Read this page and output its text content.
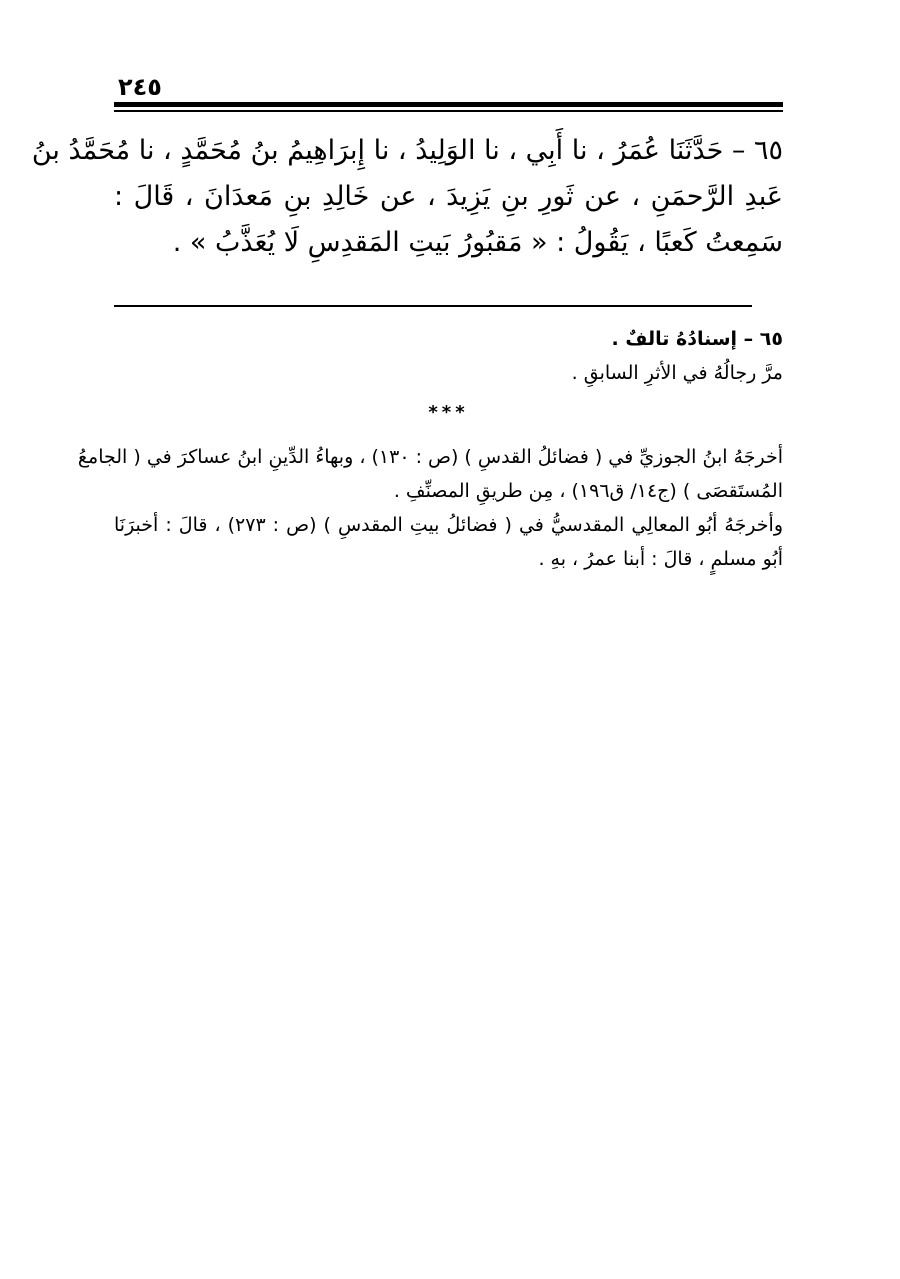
٢٤٥
٦٥ – حَدَّثَنَا عُمَرُ ، نا أَبِي ، نا الوَلِيدُ ، نا إِبرَاهِيمُ بنُ مُحَمَّدٍ ، نا مُحَمَّدُ بنُ
عَبدِ الرَّحمَنِ ، عن ثَورِ بنِ يَزِيدَ ، عن خَالِدِ بنِ مَعدَانَ ، قَالَ :
سَمِعتُ كَعبًا ، يَقُولُ : « مَقبُورُ بَيتِ المَقدِسِ لَا يُعَذَّبُ » .
٦٥ – إسنادُهُ تالفٌ .
مرَّ رجالُهُ في الأثرِ السابقِ .
***
أخرجَهُ ابنُ الجوزيِّ في ( فضائلُ القدسِ ) (ص : ١٣٠) ، وبهاءُ الدِّينِ ابنُ عساكرَ في ( الجامعُ
المُستَقصَى ) (ج١٤/ ق١٩٦) ، مِن طريقِ المصنِّفِ .
وأخرجَهُ أبُو المعالِي المقدسيُّ في ( فضائلُ بيتِ المقدسِ ) (ص : ٢٧٣) ، قالَ : أخبرَنَا
أبُو مسلمٍ ، قالَ : أبنا عمرُ ، بهِ .
